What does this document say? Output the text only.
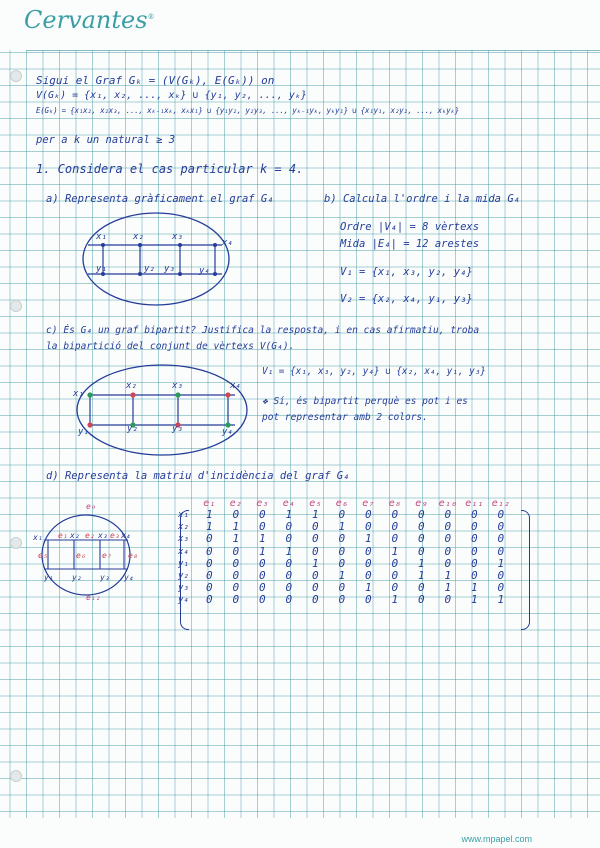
Cervantes®
Sigui el Graf Gₖ = (V(Gₖ), E(Gₖ)) on
V(Gₖ) = {x₁, x₂, ..., xₖ} ∪ {y₁, y₂, ..., yₖ}
E(Gₖ) = {x₁x₂, x₂x₃, ..., xₖ₋₁xₖ, xₖx₁} ∪ {y₁y₂, y₂y₃, ..., yₖ₋₁yₖ, yₖy₁} ∪ {x₁y₁, x₂y₂, ..., xₖyₖ}
per a k un natural ≥ 3
1. Considera el cas particular k = 4.
a) Representa gràficament el graf G₄
x₁	x₂	x₃
x₄
y₁	y₂ y₃	y₄
b) Calcula l'ordre i la mida G₄
Ordre |V₄| = 8 vèrtexs
Mida |E₄| = 12 arestes
V₁ = {x₁, x₃, y₂, y₄}
V₂ = {x₂, x₄, y₁, y₃}
c) És G₄ un graf bipartit? Justifica la resposta, i en cas afirmatiu, troba
la bipartició del conjunt de vèrtexs V(G₄).
x₁
x₂	x₃	x₄
y₁	y₂	y₃	y₄
V₁ = {x₁, x₃, y₂, y₄} ∪ {x₂, x₄, y₁, y₃}
❖ Sí, és bipartit perquè es pot i es
pot representar amb 2 colors.
d) Representa la matriu d'incidència del graf G₄
e₉
e₁ e₂ e₃
e₅	e₆ e₇ e₈
e₁₂
x₁	x₂ x₃ x₄
y₁ y₂ y₃ y₄
e₁	e₂	e₃	e₄	e₅	e₆	e₇	e₈	e₉	e₁₀ e₁₁ e₁₂
x₁	1	0	0	1	1	0	0	0	0	0	0	0
x₂	1	1	0	0	0	1	0	0	0	0	0	0
x₃	0	1	1	0	0	0	1	0	0	0	0	0
x₄	0	0	1	1	0	0	0	1	0	0	0	0
y₁	0	0	0	0	1	0	0	0	1	0	0	1
y₂	0	0	0	0	0	1	0	0	1	1	0	0
y₃	0	0	0	0	0	0	1	0	0	1	1	0
y₄	0	0	0	0	0	0	0	1	0	0	1	1
www.mpapel.com
